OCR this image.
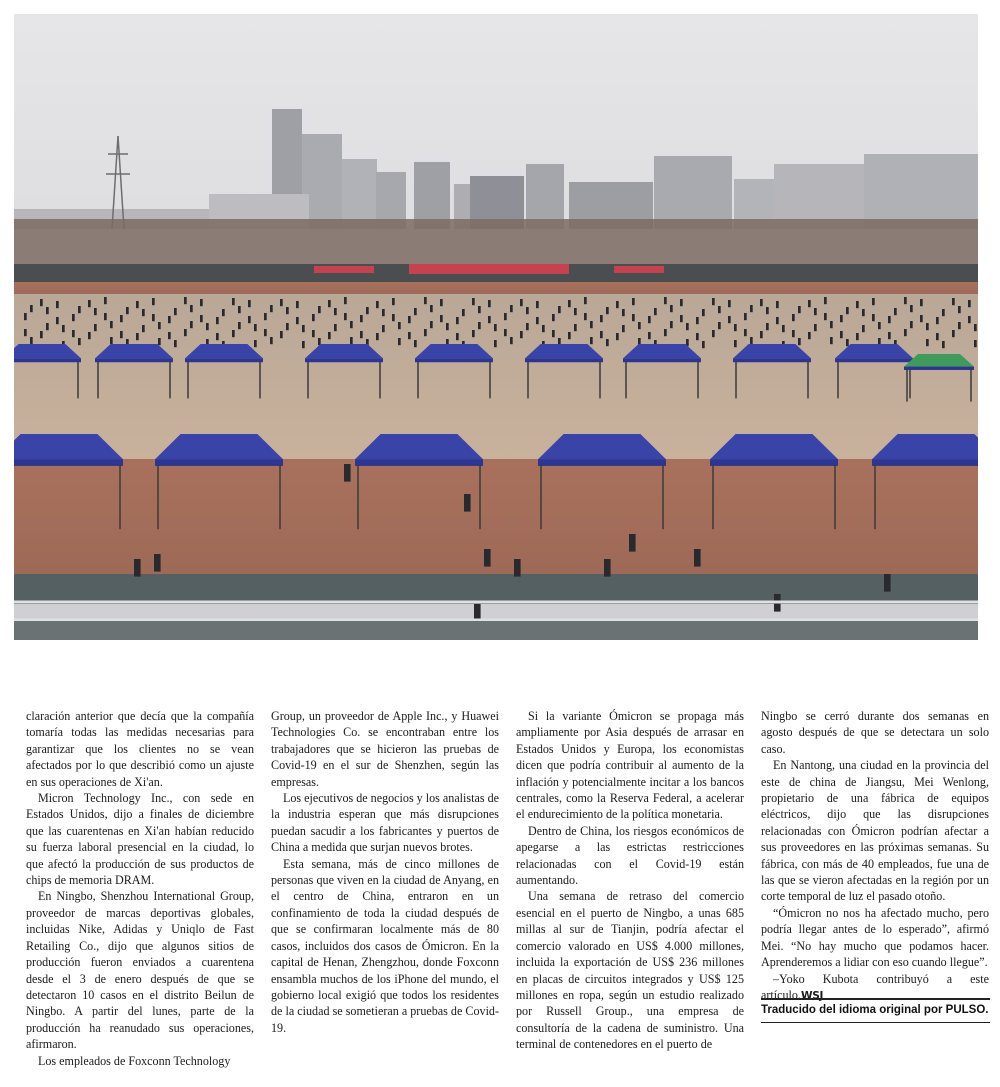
claración anterior que decía que la compañía tomaría todas las medidas necesarias para garantizar que los clientes no se vean afectados por lo que describió como un ajuste en sus operaciones de Xi'an.

Micron Technology Inc., con sede en Estados Unidos, dijo a finales de diciembre que las cuarentenas en Xi'an habían reducido su fuerza laboral presencial en la ciudad, lo que afectó la producción de sus productos de chips de memoria DRAM.

En Ningbo, Shenzhou International Group, proveedor de marcas deportivas globales, incluidas Nike, Adidas y Uniqlo de Fast Retailing Co., dijo que algunos sitios de producción fueron enviados a cuarentena desde el 3 de enero después de que se detectaron 10 casos en el distrito Beilun de Ningbo. A partir del lunes, parte de la producción ha reanudado sus operaciones, afirmaron.

Los empleados de Foxconn Technology

Group, un proveedor de Apple Inc., y Huawei Technologies Co. se encontraban entre los trabajadores que se hicieron las pruebas de Covid-19 en el sur de Shenzhen, según las empresas.

Los ejecutivos de negocios y los analistas de la industria esperan que más disrupciones puedan sacudir a los fabricantes y puertos de China a medida que surjan nuevos brotes.

Esta semana, más de cinco millones de personas que viven en la ciudad de Anyang, en el centro de China, entraron en un confinamiento de toda la ciudad después de que se confirmaran localmente más de 80 casos, incluidos dos casos de Ómicron. En la capital de Henan, Zhengzhou, donde Foxconn ensambla muchos de los iPhone del mundo, el gobierno local exigió que todos los residentes de la ciudad se sometieran a pruebas de Covid-19.

Si la variante Ómicron se propaga más ampliamente por Asia después de arrasar en Estados Unidos y Europa, los economistas dicen que podría contribuir al aumento de la inflación y potencialmente incitar a los bancos centrales, como la Reserva Federal, a acelerar el endurecimiento de la política monetaria.

Dentro de China, los riesgos económicos de apegarse a las estrictas restricciones relacionadas con el Covid-19 están aumentando.

Una semana de retraso del comercio esencial en el puerto de Ningbo, a unas 685 millas al sur de Tianjin, podría afectar el comercio valorado en US$ 4.000 millones, incluida la exportación de US$ 236 millones en placas de circuitos integrados y US$ 125 millones en ropa, según un estudio realizado por Russell Group., una empresa de consultoría de la cadena de suministro. Una terminal de contenedores en el puerto de

Ningbo se cerró durante dos semanas en agosto después de que se detectara un solo caso.

En Nantong, una ciudad en la provincia del este de china de Jiangsu, Mei Wenlong, propietario de una fábrica de equipos eléctricos, dijo que las disrupciones relacionadas con Ómicron podrían afectar a sus proveedores en las próximas semanas. Su fábrica, con más de 40 empleados, fue una de las que se vieron afectadas en la región por un corte temporal de luz el pasado otoño.

“Ómicron no nos ha afectado mucho, pero podría llegar antes de lo esperado”, afirmó Mei. “No hay mucho que podamos hacer. Aprenderemos a lidiar con eso cuando llegue”.

–Yoko Kubota contribuyó a este artículo.WSJ

Traducido del idioma original por PULSO.
